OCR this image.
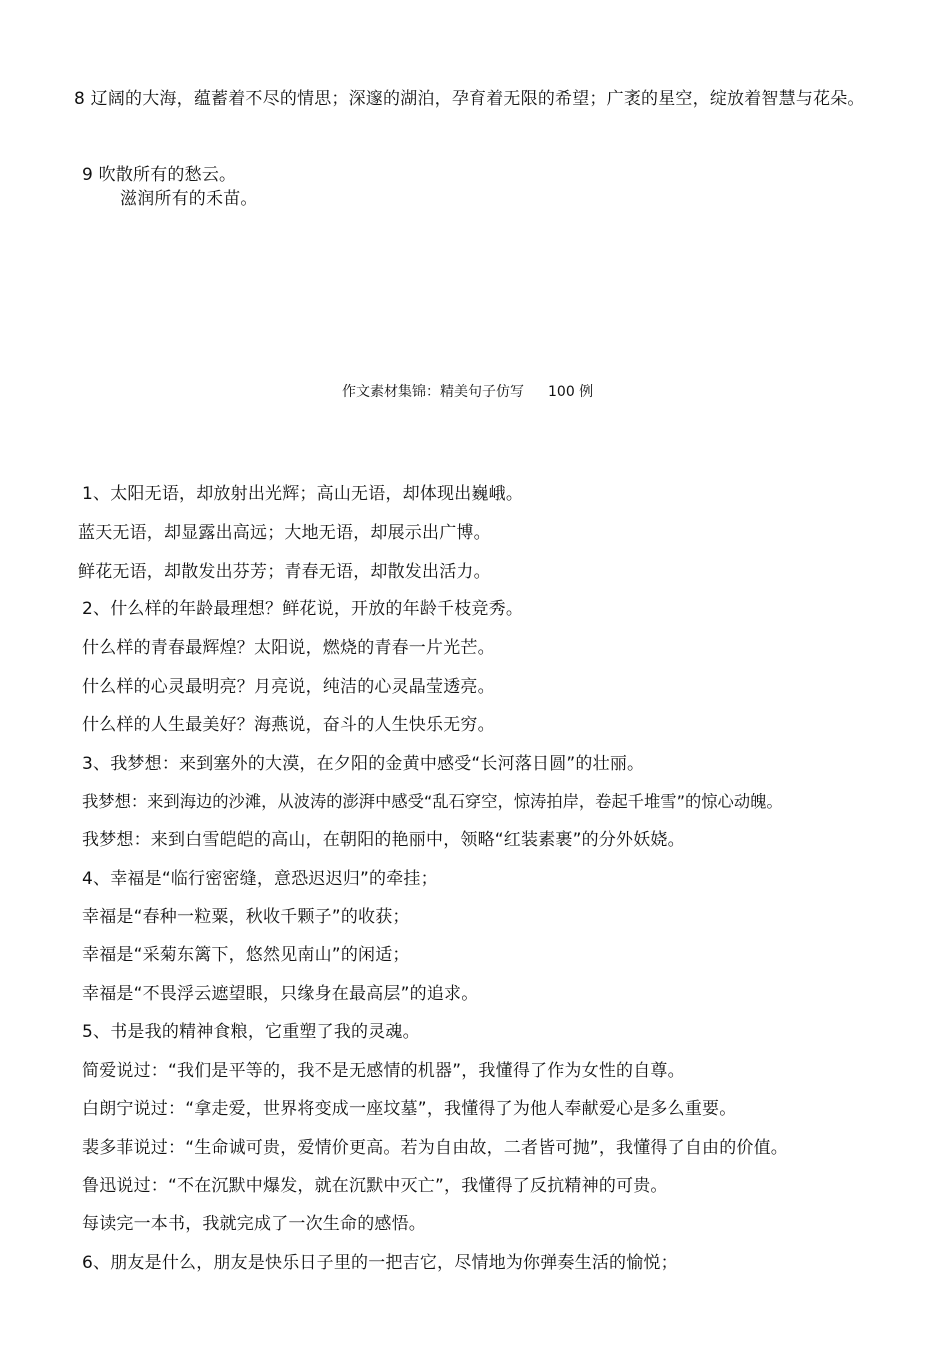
8 辽阔的大海，蕴蓄着不尽的情思；深邃的湖泊，孕育着无限的希望；广袤的星空，绽放着智慧与花朵。
9 吹散所有的愁云。
滋润所有的禾苗。
作文素材集锦：精美句子仿写 100 例
1、太阳无语，却放射出光辉；高山无语，却体现出巍峨。
蓝天无语，却显露出高远；大地无语，却展示出广博。
鲜花无语，却散发出芬芳；青春无语，却散发出活力。
2、什么样的年龄最理想？鲜花说，开放的年龄千枝竞秀。
什么样的青春最辉煌？太阳说，燃烧的青春一片光芒。
什么样的心灵最明亮？月亮说，纯洁的心灵晶莹透亮。
什么样的人生最美好？海燕说，奋斗的人生快乐无穷。
3、我梦想：来到塞外的大漠，在夕阳的金黄中感受“长河落日圆”的壮丽。
我梦想：来到海边的沙滩，从波涛的澎湃中感受“乱石穿空，惊涛拍岸，卷起千堆雪”的惊心动魄。
我梦想：来到白雪皑皑的高山，在朝阳的艳丽中，领略“红装素裹”的分外妖娆。
4、幸福是“临行密密缝，意恐迟迟归”的牵挂；
幸福是“春种一粒粟，秋收千颗子”的收获；
幸福是“采菊东篱下，悠然见南山”的闲适；
幸福是“不畏浮云遮望眼，只缘身在最高层”的追求。
5、书是我的精神食粮，它重塑了我的灵魂。
简爱说过：“我们是平等的，我不是无感情的机器”，我懂得了作为女性的自尊。
白朗宁说过：“拿走爱，世界将变成一座坟墓”，我懂得了为他人奉献爱心是多么重要。
裴多菲说过：“生命诚可贵，爱情价更高。若为自由故，二者皆可抛”，我懂得了自由的价值。
鲁迅说过：“不在沉默中爆发，就在沉默中灭亡”，我懂得了反抗精神的可贵。
每读完一本书，我就完成了一次生命的感悟。
6、朋友是什么，朋友是快乐日子里的一把吉它，尽情地为你弹奏生活的愉悦；
